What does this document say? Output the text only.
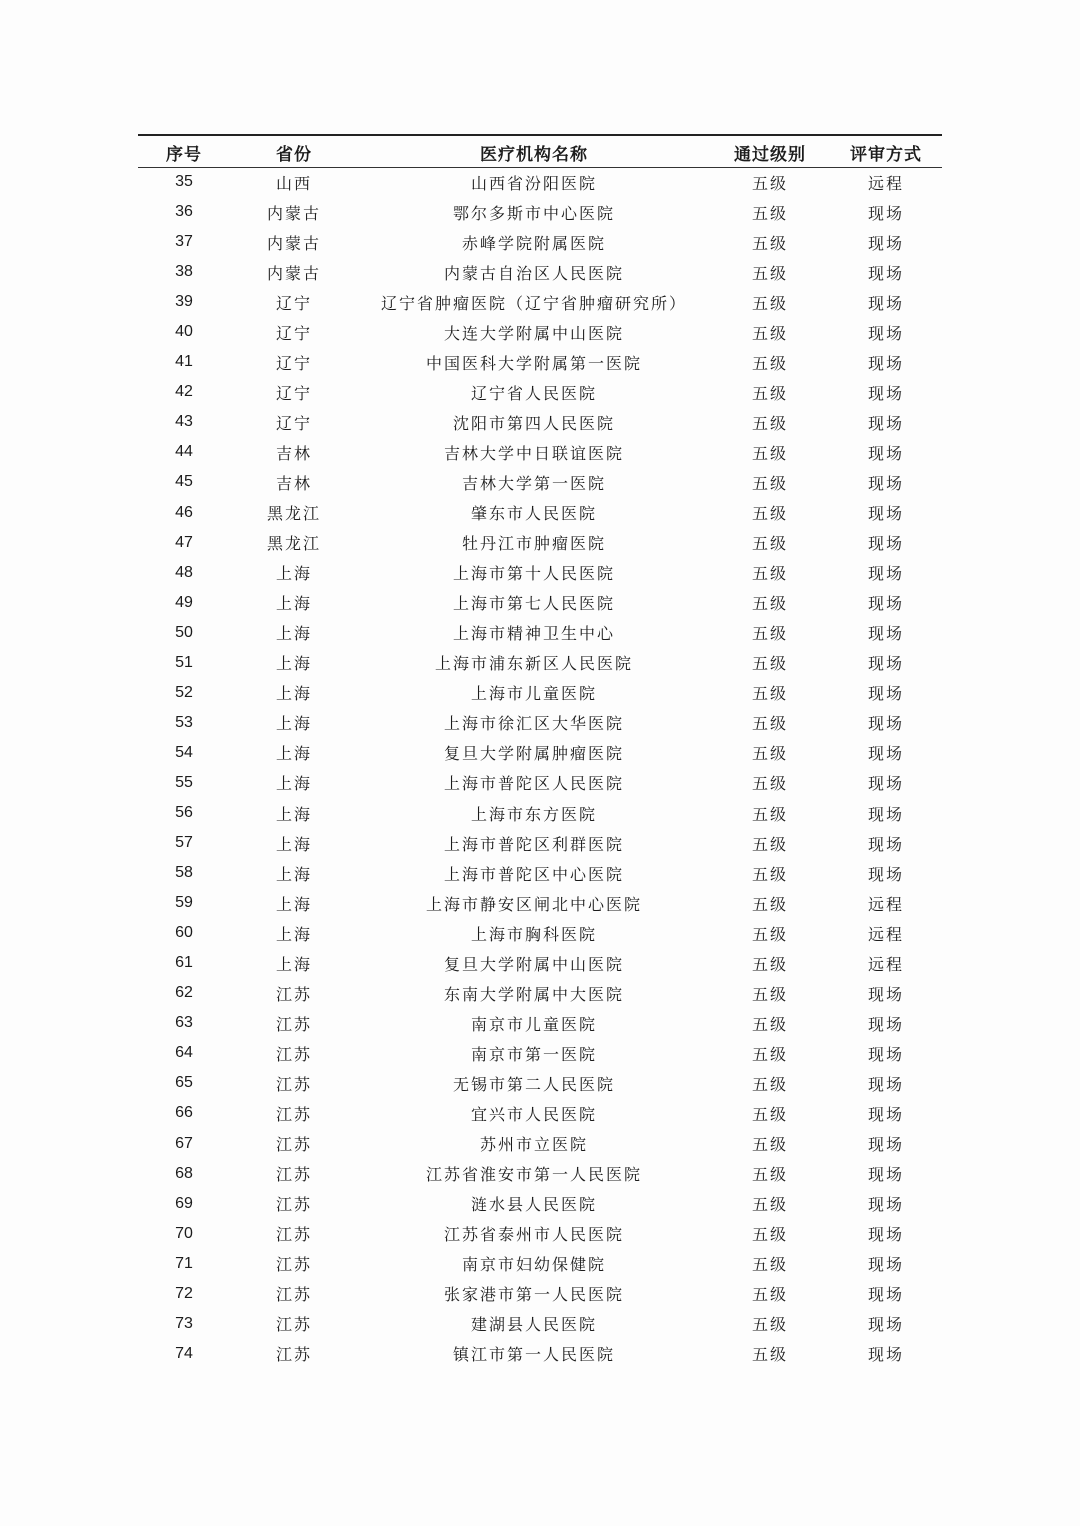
序号	省份	医疗机构名称	通过级别	评审方式
35	山西	山西省汾阳医院	五级	远程
36	内蒙古	鄂尔多斯市中心医院	五级	现场
37	内蒙古	赤峰学院附属医院	五级	现场
38	内蒙古	内蒙古自治区人民医院	五级	现场
39	辽宁	辽宁省肿瘤医院（辽宁省肿瘤研究所）	五级	现场
40	辽宁	大连大学附属中山医院	五级	现场
41	辽宁	中国医科大学附属第一医院	五级	现场
42	辽宁	辽宁省人民医院	五级	现场
43	辽宁	沈阳市第四人民医院	五级	现场
44	吉林	吉林大学中日联谊医院	五级	现场
45	吉林	吉林大学第一医院	五级	现场
46	黑龙江	肇东市人民医院	五级	现场
47	黑龙江	牡丹江市肿瘤医院	五级	现场
48	上海	上海市第十人民医院	五级	现场
49	上海	上海市第七人民医院	五级	现场
50	上海	上海市精神卫生中心	五级	现场
51	上海	上海市浦东新区人民医院	五级	现场
52	上海	上海市儿童医院	五级	现场
53	上海	上海市徐汇区大华医院	五级	现场
54	上海	复旦大学附属肿瘤医院	五级	现场
55	上海	上海市普陀区人民医院	五级	现场
56	上海	上海市东方医院	五级	现场
57	上海	上海市普陀区利群医院	五级	现场
58	上海	上海市普陀区中心医院	五级	现场
59	上海	上海市静安区闸北中心医院	五级	远程
60	上海	上海市胸科医院	五级	远程
61	上海	复旦大学附属中山医院	五级	远程
62	江苏	东南大学附属中大医院	五级	现场
63	江苏	南京市儿童医院	五级	现场
64	江苏	南京市第一医院	五级	现场
65	江苏	无锡市第二人民医院	五级	现场
66	江苏	宜兴市人民医院	五级	现场
67	江苏	苏州市立医院	五级	现场
68	江苏	江苏省淮安市第一人民医院	五级	现场
69	江苏	涟水县人民医院	五级	现场
70	江苏	江苏省泰州市人民医院	五级	现场
71	江苏	南京市妇幼保健院	五级	现场
72	江苏	张家港市第一人民医院	五级	现场
73	江苏	建湖县人民医院	五级	现场
74	江苏	镇江市第一人民医院	五级	现场
